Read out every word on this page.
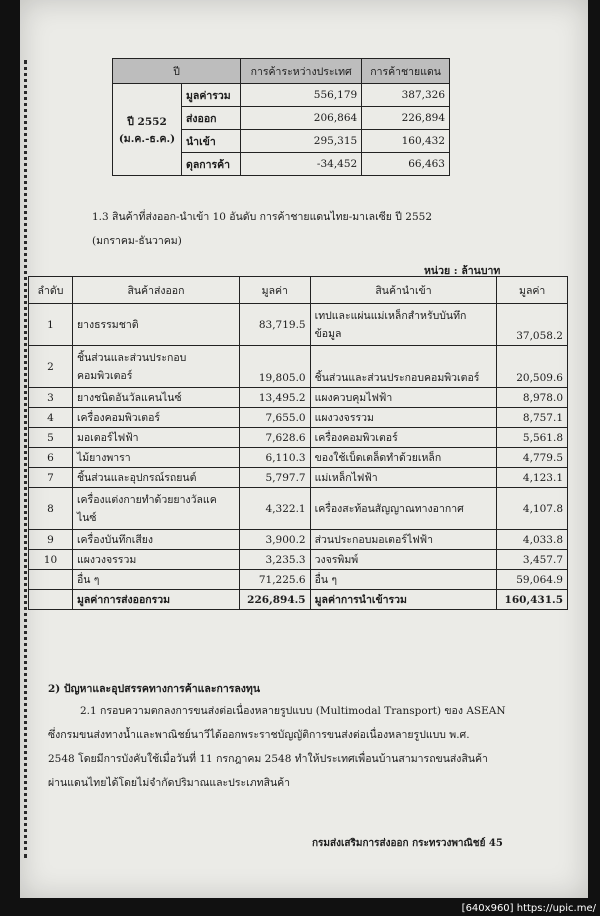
ปี		การค้าระหว่างประเทศ	การค้าชายแดน

ปี 2552
(ม.ค.-ธ.ค.)	มูลค่ารวม	556,179	387,326
	ส่งออก	206,864	226,894
	นำเข้า	295,315	160,432
	ดุลการค้า	-34,452	66,463
1.3 สินค้าที่ส่งออก-นำเข้า 10 อันดับ การค้าชายแดนไทย-มาเลเซีย ปี 2552
(มกราคม-ธันวาคม)
หน่วย : ล้านบาท
ลำดับ	สินค้าส่งออก	มูลค่า	สินค้านำเข้า	มูลค่า
1	ยางธรรมชาติ	83,719.5	เทปและแผ่นแม่เหล็กสำหรับบันทึกข้อมูล	37,058.2
2	ชิ้นส่วนและส่วนประกอบคอมพิวเตอร์	19,805.0	ชิ้นส่วนและส่วนประกอบคอมพิวเตอร์	20,509.6
3	ยางชนิดอันวัลแคนไนซ์	13,495.2	แผงควบคุมไฟฟ้า	8,978.0
4	เครื่องคอมพิวเตอร์	7,655.0	แผงวงจรรวม	8,757.1
5	มอเตอร์ไฟฟ้า	7,628.6	เครื่องคอมพิวเตอร์	5,561.8
6	ไม้ยางพารา	6,110.3	ของใช้เบ็ดเตล็ดทำด้วยเหล็ก	4,779.5
7	ชิ้นส่วนและอุปกรณ์รถยนต์	5,797.7	แม่เหล็กไฟฟ้า	4,123.1
8	เครื่องแต่งกายทำด้วยยางวัลแคไนซ์	4,322.1	เครื่องสะท้อนสัญญาณทางอากาศ	4,107.8
9	เครื่องบันทึกเสียง	3,900.2	ส่วนประกอบมอเตอร์ไฟฟ้า	4,033.8
10	แผงวงจรรวม	3,235.3	วงจรพิมพ์	3,457.7
	อื่น ๆ	71,225.6	อื่น ๆ	59,064.9
	มูลค่าการส่งออกรวม	226,894.5	มูลค่าการนำเข้ารวม	160,431.5
2) ปัญหาและอุปสรรคทางการค้าและการลงทุน
2.1 กรอบความตกลงการขนส่งต่อเนื่องหลายรูปแบบ (Multimodal Transport) ของ ASEAN
ซึ่งกรมขนส่งทางน้ำและพาณิชย์นาวีได้ออกพระราชบัญญัติการขนส่งต่อเนื่องหลายรูปแบบ พ.ศ.
2548 โดยมีการบังคับใช้เมื่อวันที่ 11 กรกฎาคม 2548 ทำให้ประเทศเพื่อนบ้านสามารถขนส่งสินค้า
ผ่านแดนไทยได้โดยไม่จำกัดปริมาณและประเภทสินค้า
กรมส่งเสริมการส่งออก กระทรวงพาณิชย์ 45
[640x960] https://upic.me/
